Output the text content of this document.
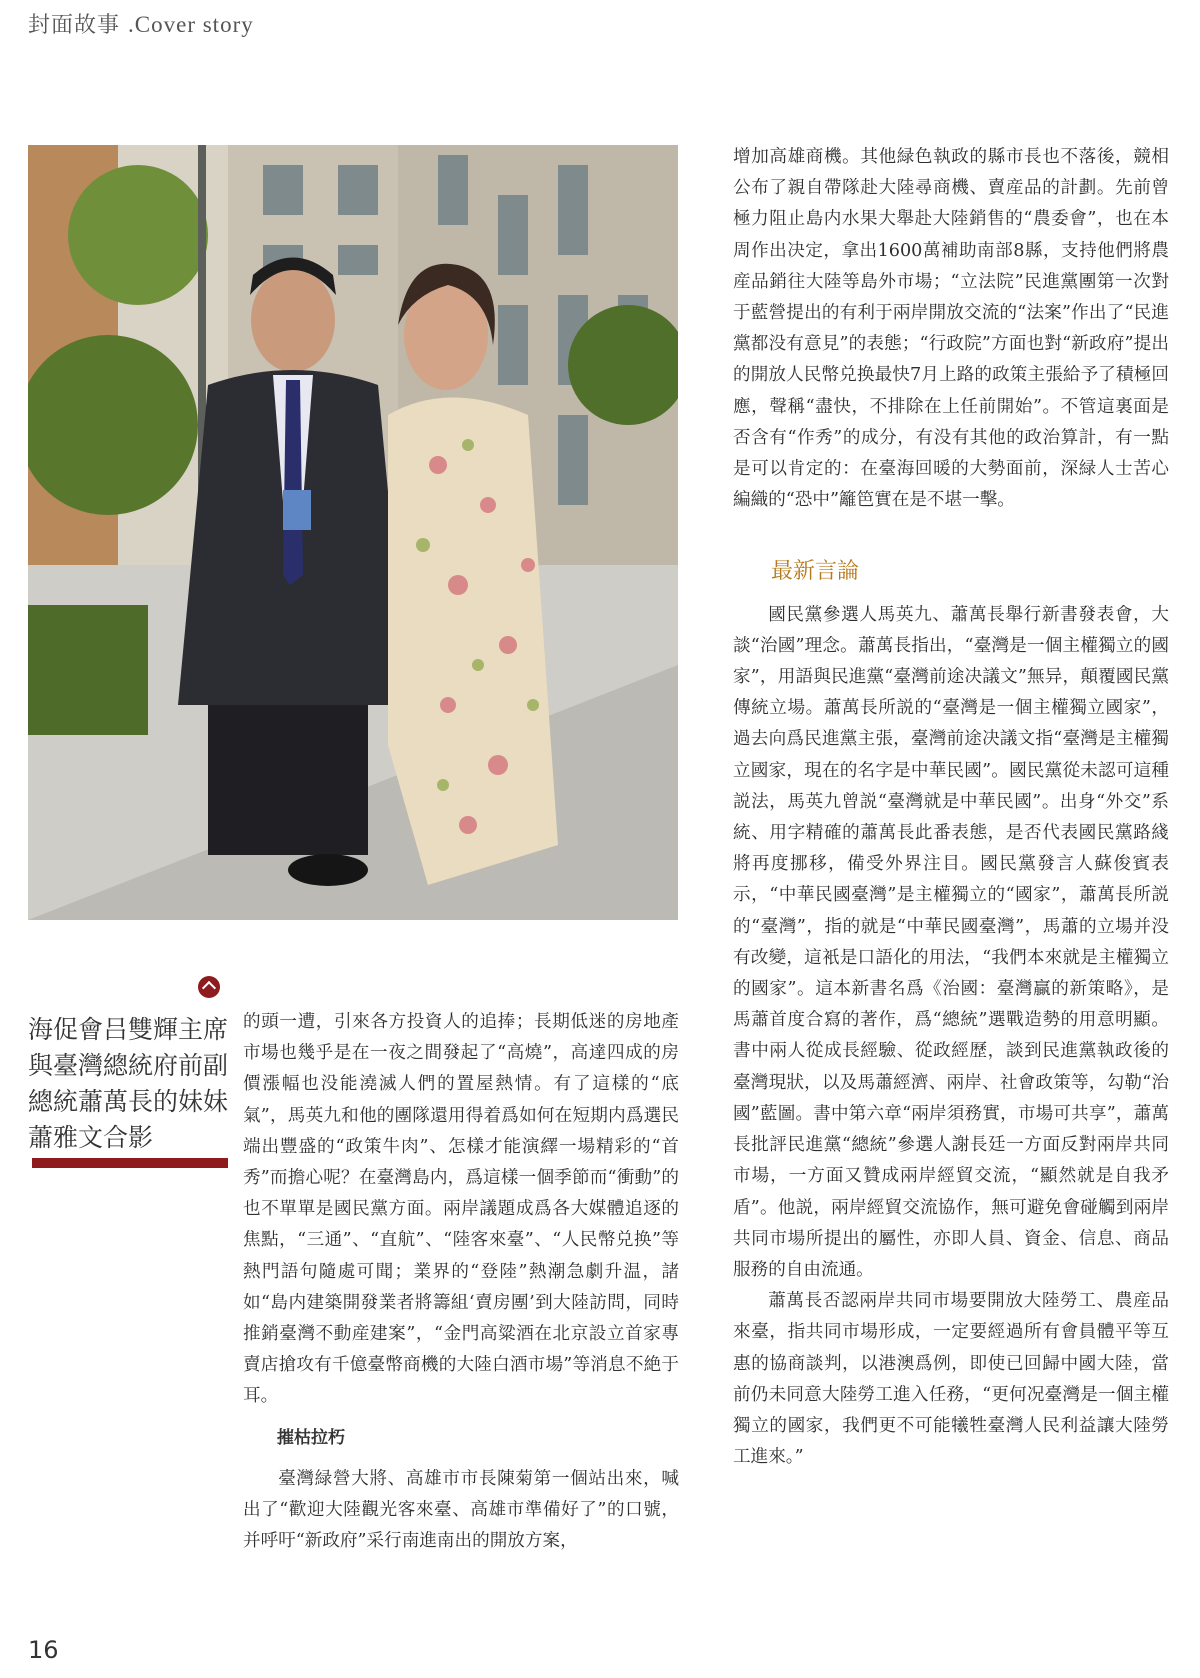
封面故事 .Cover story
海促會吕雙輝主席與臺灣總統府前副總統蕭萬長的妹妹蕭雅文合影

的頭一遭，引來各方投資人的追捧；長期低迷的房地產市場也幾乎是在一夜之間發起了“高燒”，高達四成的房價漲幅也没能澆滅人們的置屋熱情。有了這樣的“底氣”，馬英九和他的團隊還用得着爲如何在短期内爲選民端出豐盛的“政策牛肉”、怎樣才能演繹一場精彩的“首秀”而擔心呢？在臺灣島内，爲這樣一個季節而“衝動”的也不單單是國民黨方面。兩岸議題成爲各大媒體追逐的焦點，“三通”、“直航”、“陸客來臺”、“人民幣兑换”等熱門語句隨處可聞；業界的“登陸”熱潮急劇升温，諸如“島内建築開發業者將籌組‘賣房團’到大陸訪問，同時推銷臺灣不動産建案”，“金門高粱酒在北京設立首家專賣店搶攻有千億臺幣商機的大陸白酒市場”等消息不絶于耳。

摧枯拉朽

臺灣緑營大將、高雄市市長陳菊第一個站出來，喊出了“歡迎大陸觀光客來臺、高雄市準備好了”的口號，并呼吁“新政府”采行南進南出的開放方案，

增加高雄商機。其他緑色執政的縣市長也不落後，競相公布了親自帶隊赴大陸尋商機、賣産品的計劃。先前曾極力阻止島内水果大舉赴大陸銷售的“農委會”，也在本周作出决定，拿出1600萬補助南部8縣，支持他們將農産品銷往大陸等島外市場；“立法院”民進黨團第一次對于藍營提出的有利于兩岸開放交流的“法案”作出了“民進黨都没有意見”的表態；“行政院”方面也對“新政府”提出的開放人民幣兑换最快7月上路的政策主張給予了積極回應，聲稱“盡快，不排除在上任前開始”。不管這裏面是否含有“作秀”的成分，有没有其他的政治算計，有一點是可以肯定的：在臺海回暖的大勢面前，深緑人士苦心編織的“恐中”籬笆實在是不堪一擊。

最新言論

國民黨參選人馬英九、蕭萬長舉行新書發表會，大談“治國”理念。蕭萬長指出，“臺灣是一個主權獨立的國家”，用語與民進黨“臺灣前途决議文”無异，顛覆國民黨傳統立場。蕭萬長所説的“臺灣是一個主權獨立國家”，過去向爲民進黨主張，臺灣前途决議文指“臺灣是主權獨立國家，現在的名字是中華民國”。國民黨從未認可這種説法，馬英九曾説“臺灣就是中華民國”。出身“外交”系統、用字精確的蕭萬長此番表態，是否代表國民黨路綫將再度挪移，備受外界注目。國民黨發言人蘇俊賓表示，“中華民國臺灣”是主權獨立的“國家”，蕭萬長所説的“臺灣”，指的就是“中華民國臺灣”，馬蕭的立場并没有改變，這衹是口語化的用法，“我們本來就是主權獨立的國家”。這本新書名爲《治國：臺灣贏的新策略》，是馬蕭首度合寫的著作，爲“總統”選戰造勢的用意明顯。書中兩人從成長經驗、從政經歷，談到民進黨執政後的臺灣現狀，以及馬蕭經濟、兩岸、社會政策等，勾勒“治國”藍圖。書中第六章“兩岸須務實，市場可共享”，蕭萬長批評民進黨“總統”參選人謝長廷一方面反對兩岸共同市場，一方面又贊成兩岸經貿交流，“顯然就是自我矛盾”。他説，兩岸經貿交流協作，無可避免會碰觸到兩岸共同市場所提出的屬性，亦即人員、資金、信息、商品服務的自由流通。

蕭萬長否認兩岸共同市場要開放大陸勞工、農産品來臺，指共同市場形成，一定要經過所有會員體平等互惠的協商談判，以港澳爲例，即使已回歸中國大陸，當前仍未同意大陸勞工進入任務，“更何况臺灣是一個主權獨立的國家，我們更不可能犧牲臺灣人民利益讓大陸勞工進來。”

16
